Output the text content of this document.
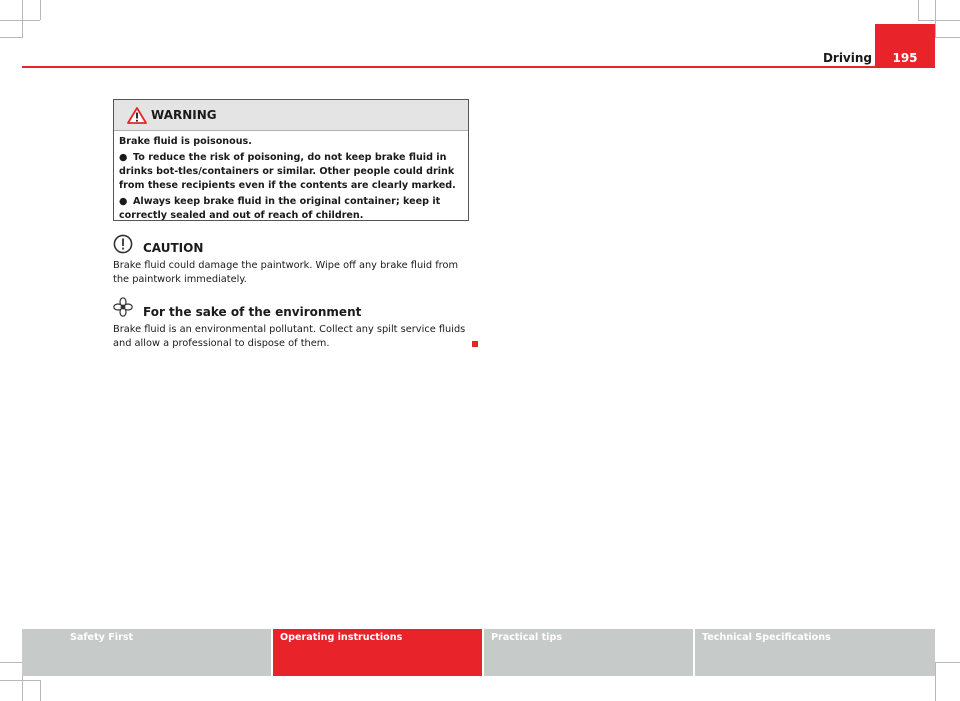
Driving	195
WARNING

Brake fluid is poisonous.

● To reduce the risk of poisoning, do not keep brake fluid in drinks bot-tles/containers or similar. Other people could drink from these recipients even if the contents are clearly marked.
● Always keep brake fluid in the original container; keep it correctly sealed and out of reach of children.
CAUTION
Brake fluid could damage the paintwork. Wipe off any brake fluid from the paintwork immediately.
For the sake of the environment
Brake fluid is an environmental pollutant. Collect any spilt service fluids and allow a professional to dispose of them.
Safety First	Operating instructions	Practical tips	Technical Specifications
